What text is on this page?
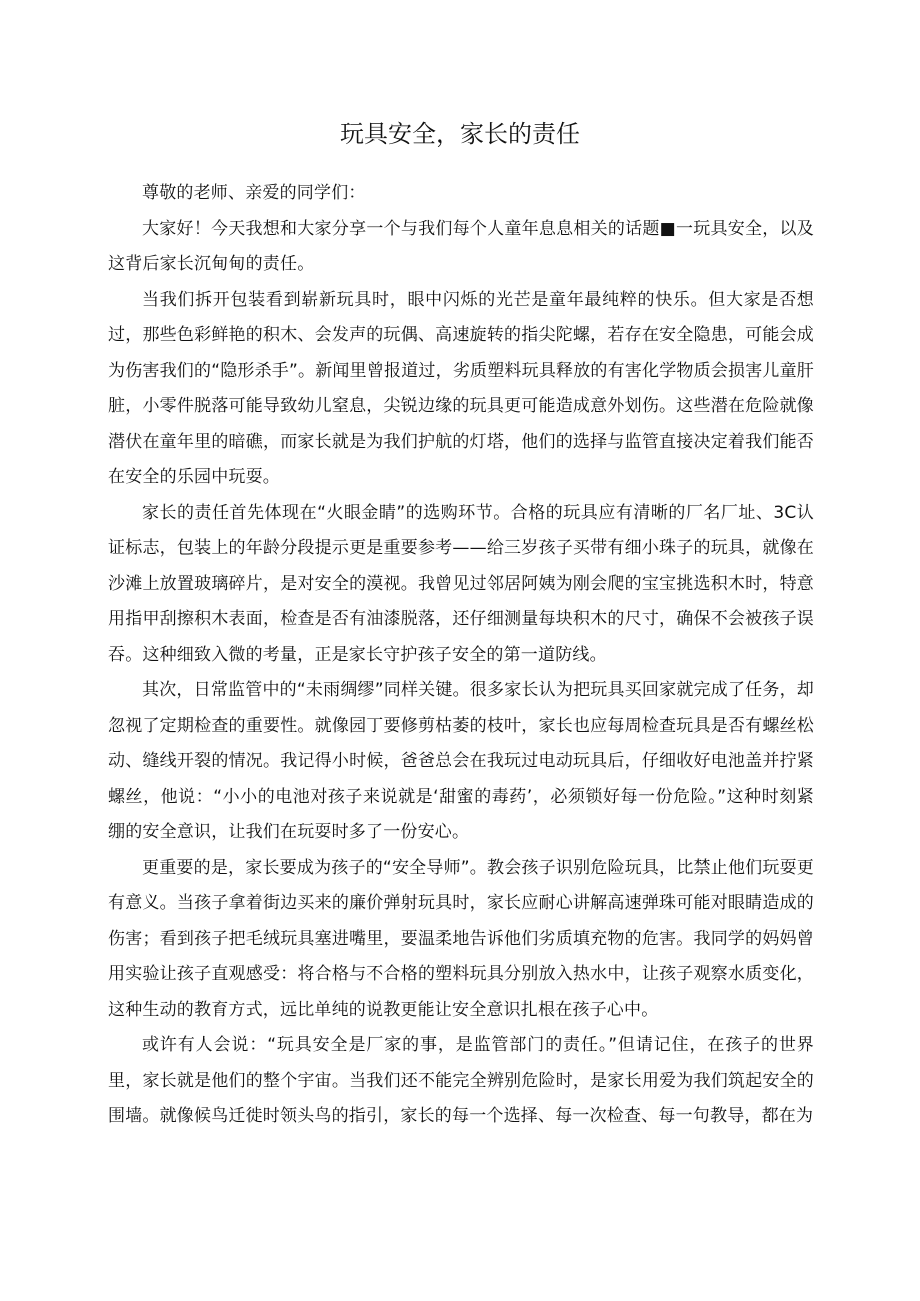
玩具安全，家长的责任

尊敬的老师、亲爱的同学们：

大家好！今天我想和大家分享一个与我们每个人童年息息相关的话题■一玩具安全，以及这背后家长沉甸甸的责任。

当我们拆开包装看到崭新玩具时，眼中闪烁的光芒是童年最纯粹的快乐。但大家是否想过，那些色彩鲜艳的积木、会发声的玩偶、高速旋转的指尖陀螺，若存在安全隐患，可能会成为伤害我们的“隐形杀手”。新闻里曾报道过，劣质塑料玩具释放的有害化学物质会损害儿童肝脏，小零件脱落可能导致幼儿窒息，尖锐边缘的玩具更可能造成意外划伤。这些潜在危险就像潜伏在童年里的暗礁，而家长就是为我们护航的灯塔，他们的选择与监管直接决定着我们能否在安全的乐园中玩耍。

家长的责任首先体现在“火眼金睛”的选购环节。合格的玩具应有清晰的厂名厂址、3C认证标志，包装上的年龄分段提示更是重要参考——给三岁孩子买带有细小珠子的玩具，就像在沙滩上放置玻璃碎片，是对安全的漠视。我曾见过邻居阿姨为刚会爬的宝宝挑选积木时，特意用指甲刮擦积木表面，检查是否有油漆脱落，还仔细测量每块积木的尺寸，确保不会被孩子误吞。这种细致入微的考量，正是家长守护孩子安全的第一道防线。

其次，日常监管中的“未雨绸缪”同样关键。很多家长认为把玩具买回家就完成了任务，却忽视了定期检查的重要性。就像园丁要修剪枯萎的枝叶，家长也应每周检查玩具是否有螺丝松动、缝线开裂的情况。我记得小时候，爸爸总会在我玩过电动玩具后，仔细收好电池盖并拧紧螺丝，他说：“小小的电池对孩子来说就是‘甜蜜的毒药’，必须锁好每一份危险。”这种时刻紧绷的安全意识，让我们在玩耍时多了一份安心。

更重要的是，家长要成为孩子的“安全导师”。教会孩子识别危险玩具，比禁止他们玩耍更有意义。当孩子拿着街边买来的廉价弹射玩具时，家长应耐心讲解高速弹珠可能对眼睛造成的伤害；看到孩子把毛绒玩具塞进嘴里，要温柔地告诉他们劣质填充物的危害。我同学的妈妈曾用实验让孩子直观感受：将合格与不合格的塑料玩具分别放入热水中，让孩子观察水质变化，这种生动的教育方式，远比单纯的说教更能让安全意识扎根在孩子心中。

或许有人会说：“玩具安全是厂家的事，是监管部门的责任。”但请记住，在孩子的世界里，家长就是他们的整个宇宙。当我们还不能完全辨别危险时，是家长用爱为我们筑起安全的围墙。就像候鸟迁徙时领头鸟的指引，家长的每一个选择、每一次检查、每一句教导，都在为
